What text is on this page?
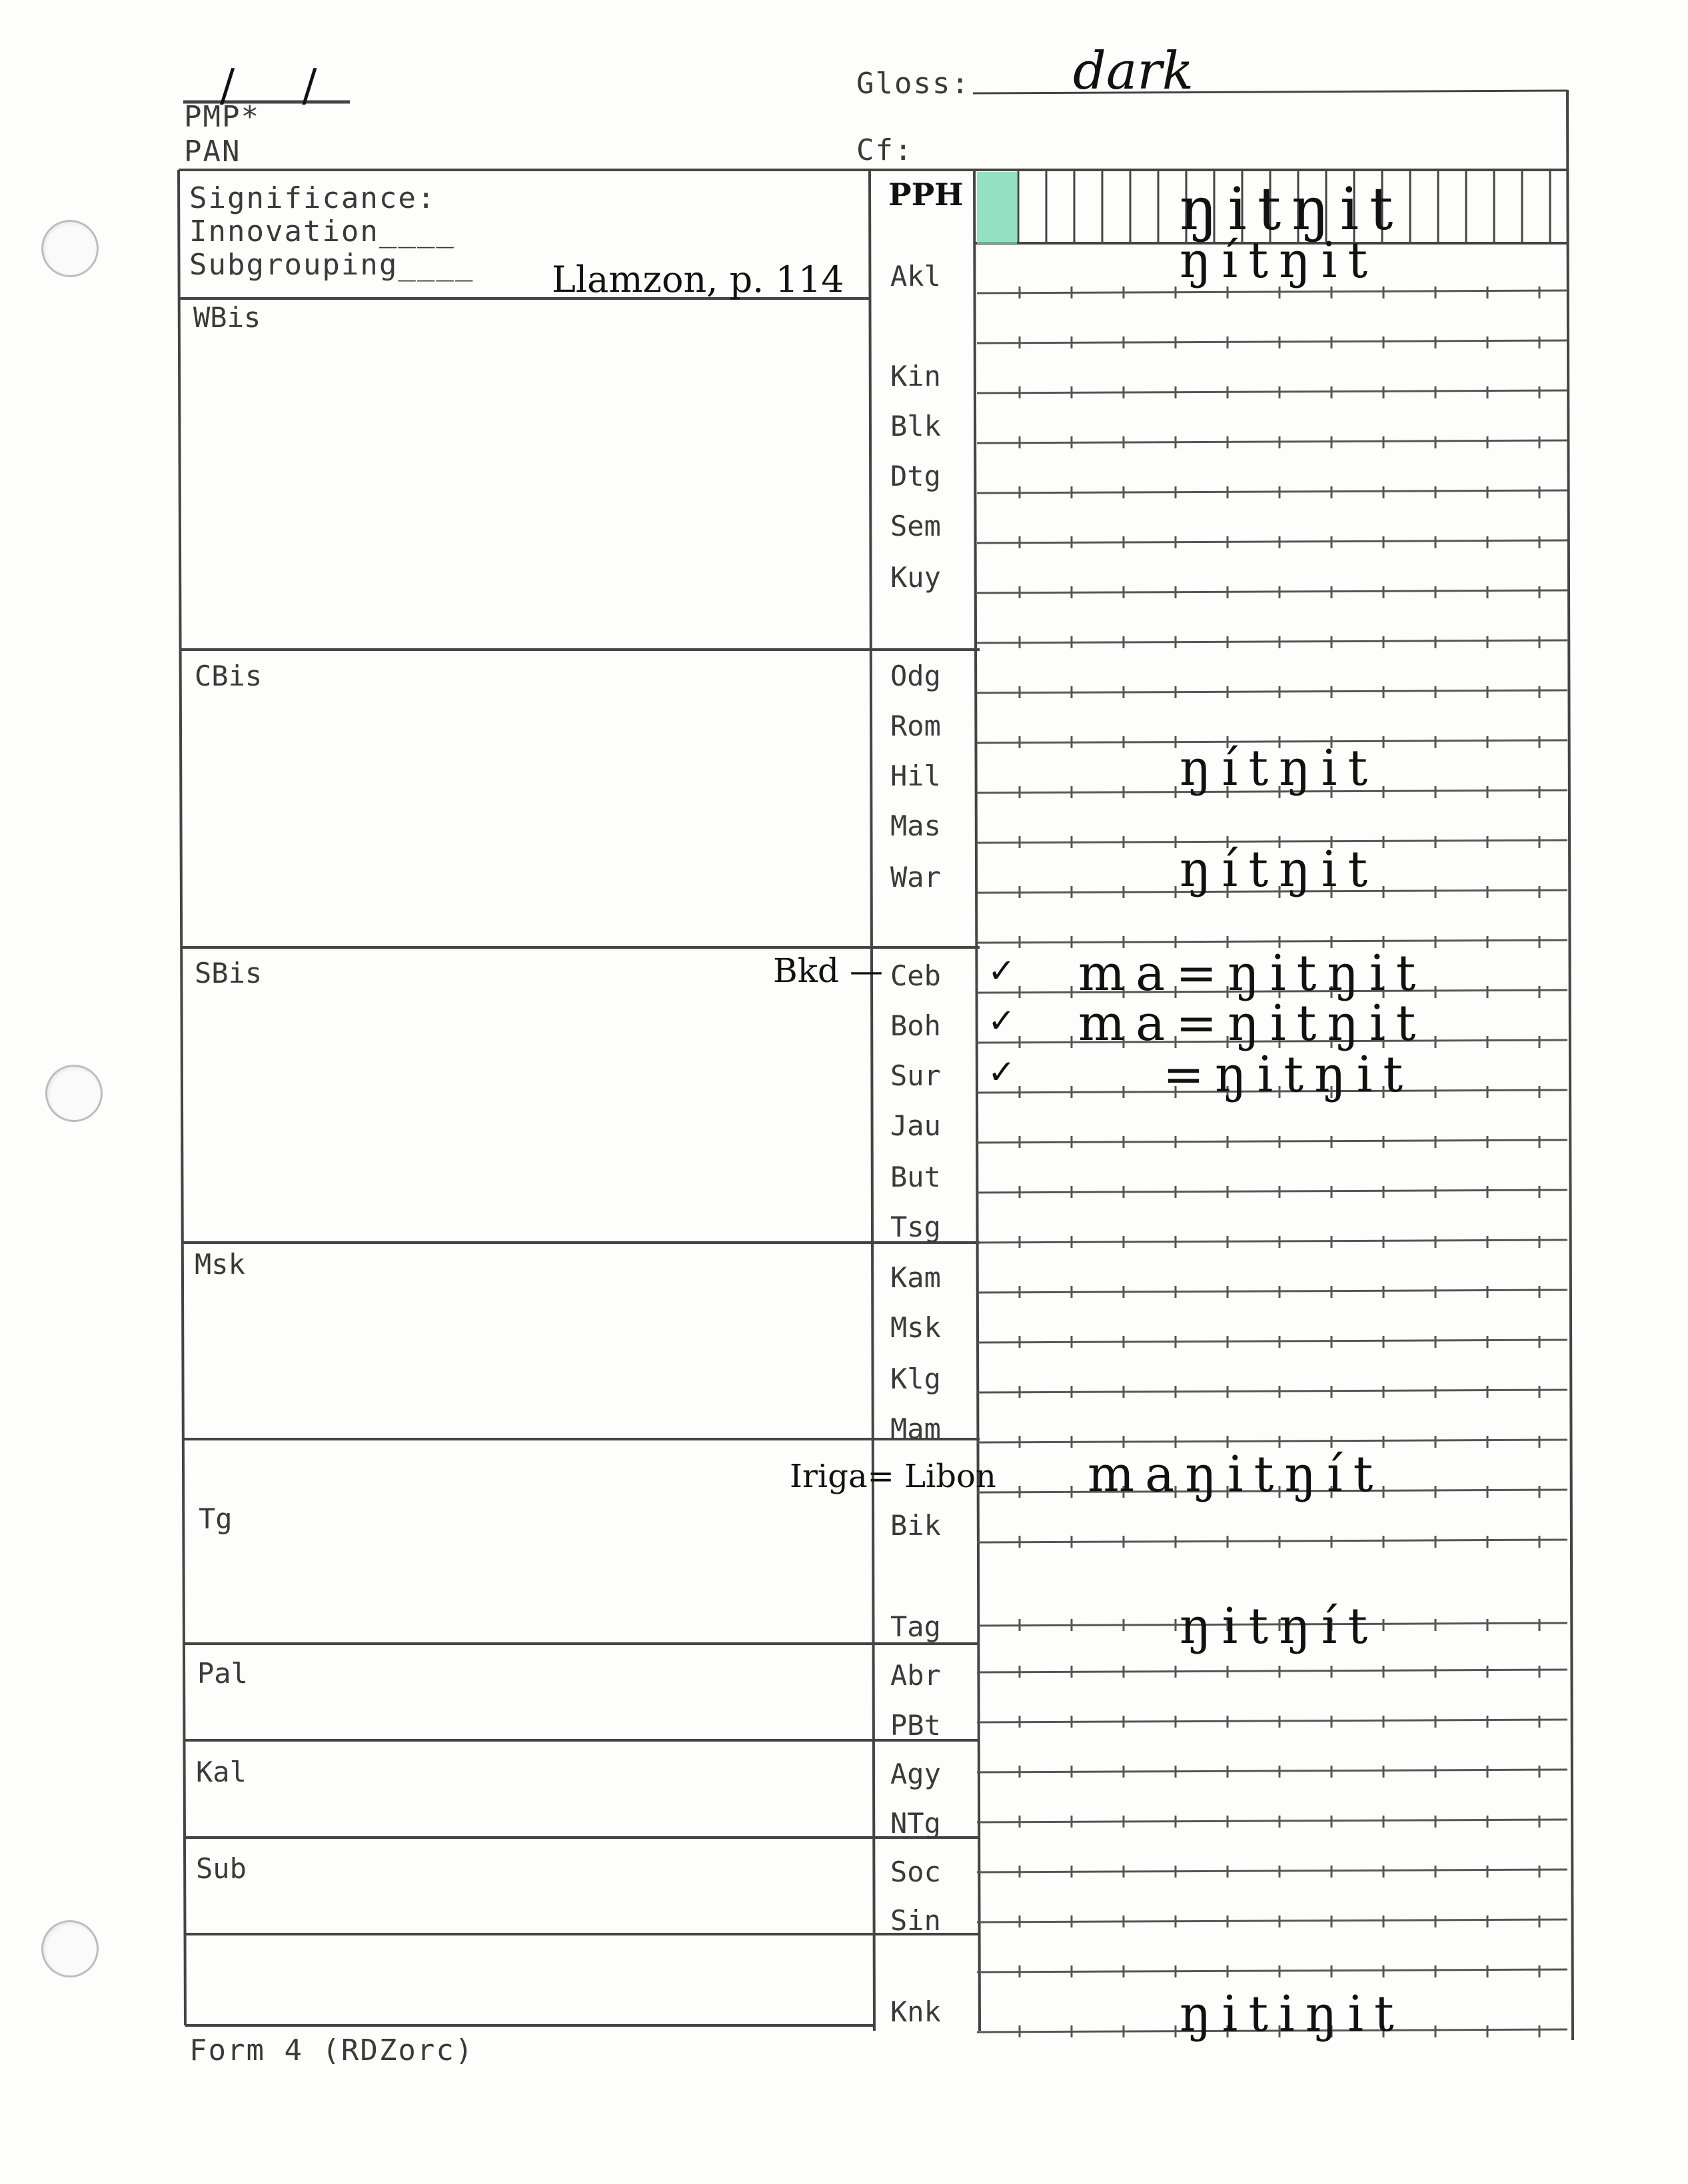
/ /
PMP*
PAN
Gloss: dark
Cf:
Significance:
Innovation____
Subgrouping____ Llamzon, p. 114
WBis
CBis
SBis
Msk
Tg
Pal
Kal
Sub
PPH
Akl
Kin
Blk
Dtg
Sem
Kuy
Odg
Rom
Hil
Mas
War
Ceb
Boh
Sur
Jau
But
Tsg
Kam
Msk
Klg
Mam
Bik
Tag
Abr
PBt
Agy
NTg
Soc
Sin
Knk
Bkd —
Iriga= Libon
✓
✓
✓
ŋitŋit
ŋítŋit
ŋítŋit
ŋítŋit
ma=ŋitŋit
ma=ŋitŋit
=ŋitŋit
maŋitŋít
ŋitŋít
ŋitiŋit
Form 4 (RDZorc)
